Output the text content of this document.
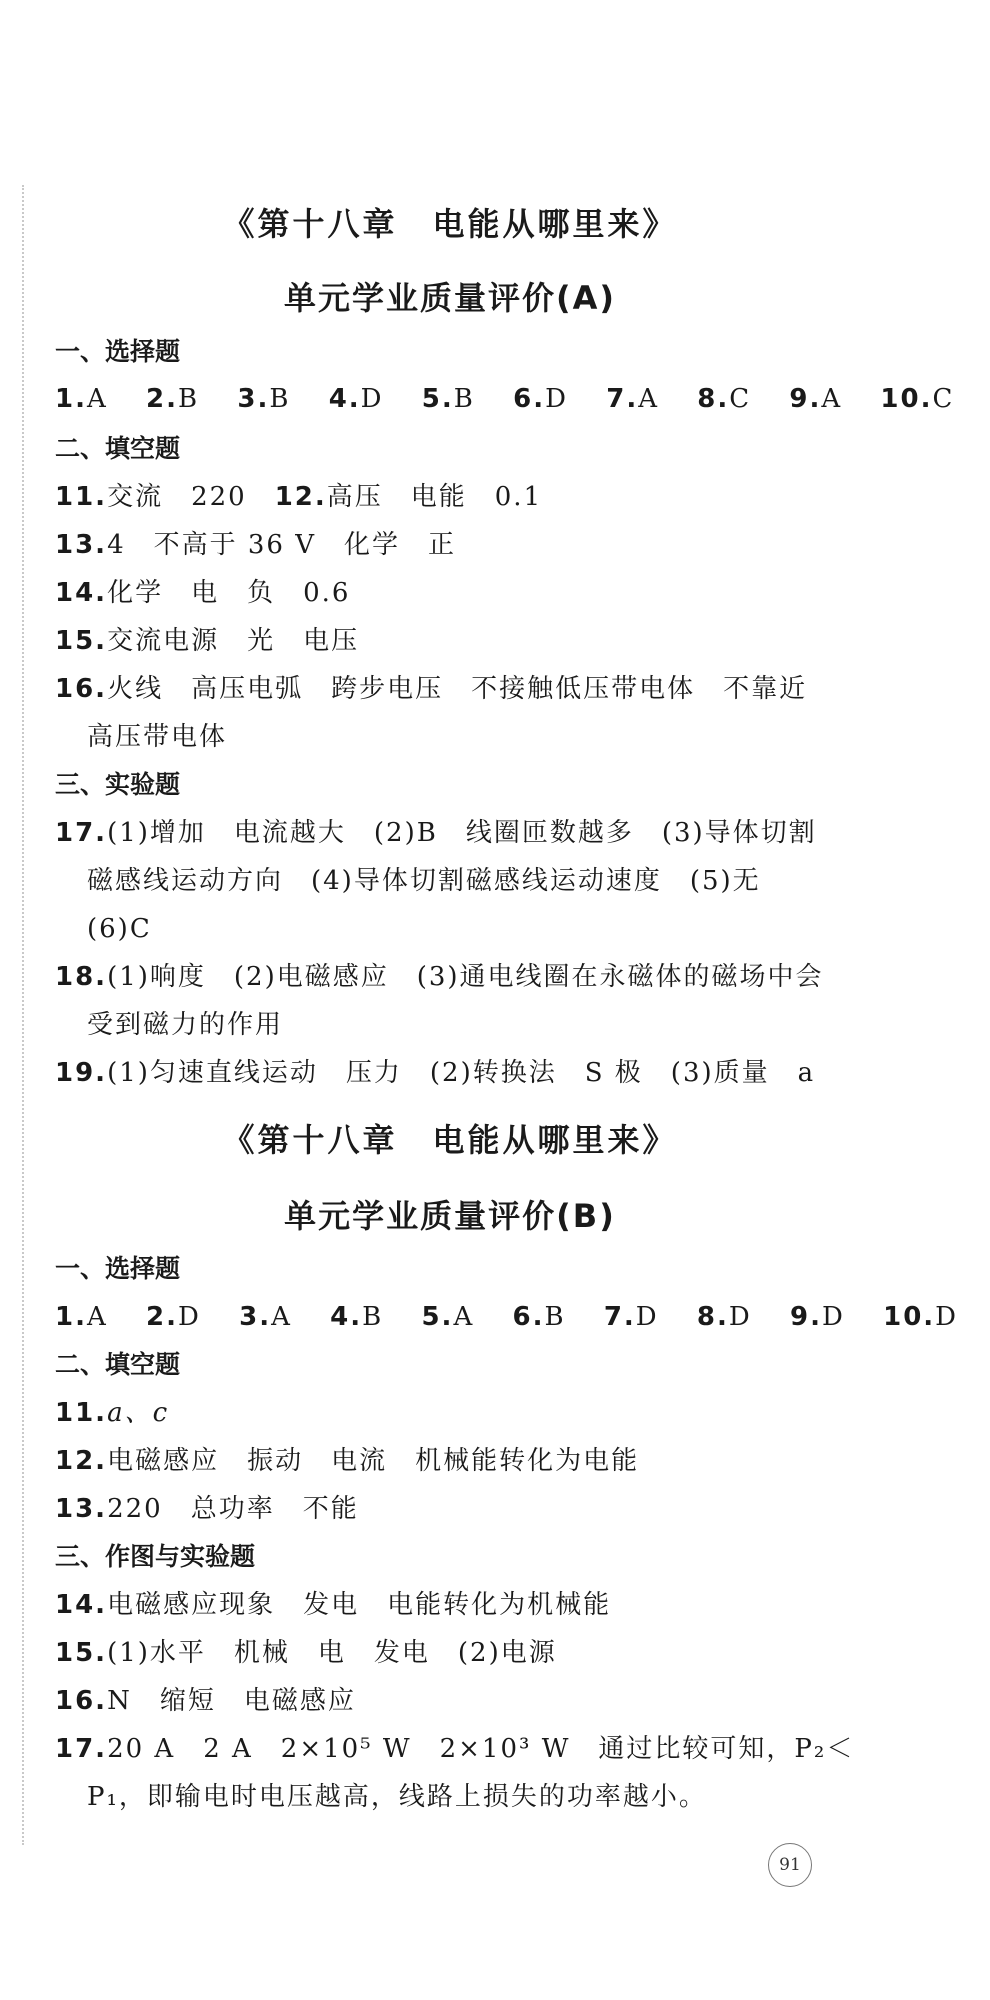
《第十八章　电能从哪里来》
单元学业质量评价(A)
一、选择题
1.A　 2.B　 3.B　 4.D　 5.B　 6.D　 7.A　 8.C　 9.A　 10.C
二、填空题
11.交流　220　12.高压　电能　0.1
13.4　不高于 36 V　化学　正
14.化学　电　负　0.6
15.交流电源　光　电压
16.火线　高压电弧　跨步电压　不接触低压带电体　不靠近
高压带电体
三、实验题
17.(1)增加　电流越大　(2)B　线圈匝数越多　(3)导体切割
磁感线运动方向　(4)导体切割磁感线运动速度　(5)无
(6)C
18.(1)响度　(2)电磁感应　(3)通电线圈在永磁体的磁场中会
受到磁力的作用
19.(1)匀速直线运动　压力　(2)转换法　S 极　(3)质量　a
《第十八章　电能从哪里来》
单元学业质量评价(B)
一、选择题
1.A　 2.D　 3.A　 4.B　 5.A　 6.B　 7.D　 8.D　 9.D　 10.D
二、填空题
11.a、c
12.电磁感应　振动　电流　机械能转化为电能
13.220　总功率　不能
三、作图与实验题
14.电磁感应现象　发电　电能转化为机械能
15.(1)水平　机械　电　发电　(2)电源
16.N　缩短　电磁感应
17.20 A　2 A　2×10⁵ W　2×10³ W　通过比较可知，P₂＜
P₁，即输电时电压越高，线路上损失的功率越小。
91
